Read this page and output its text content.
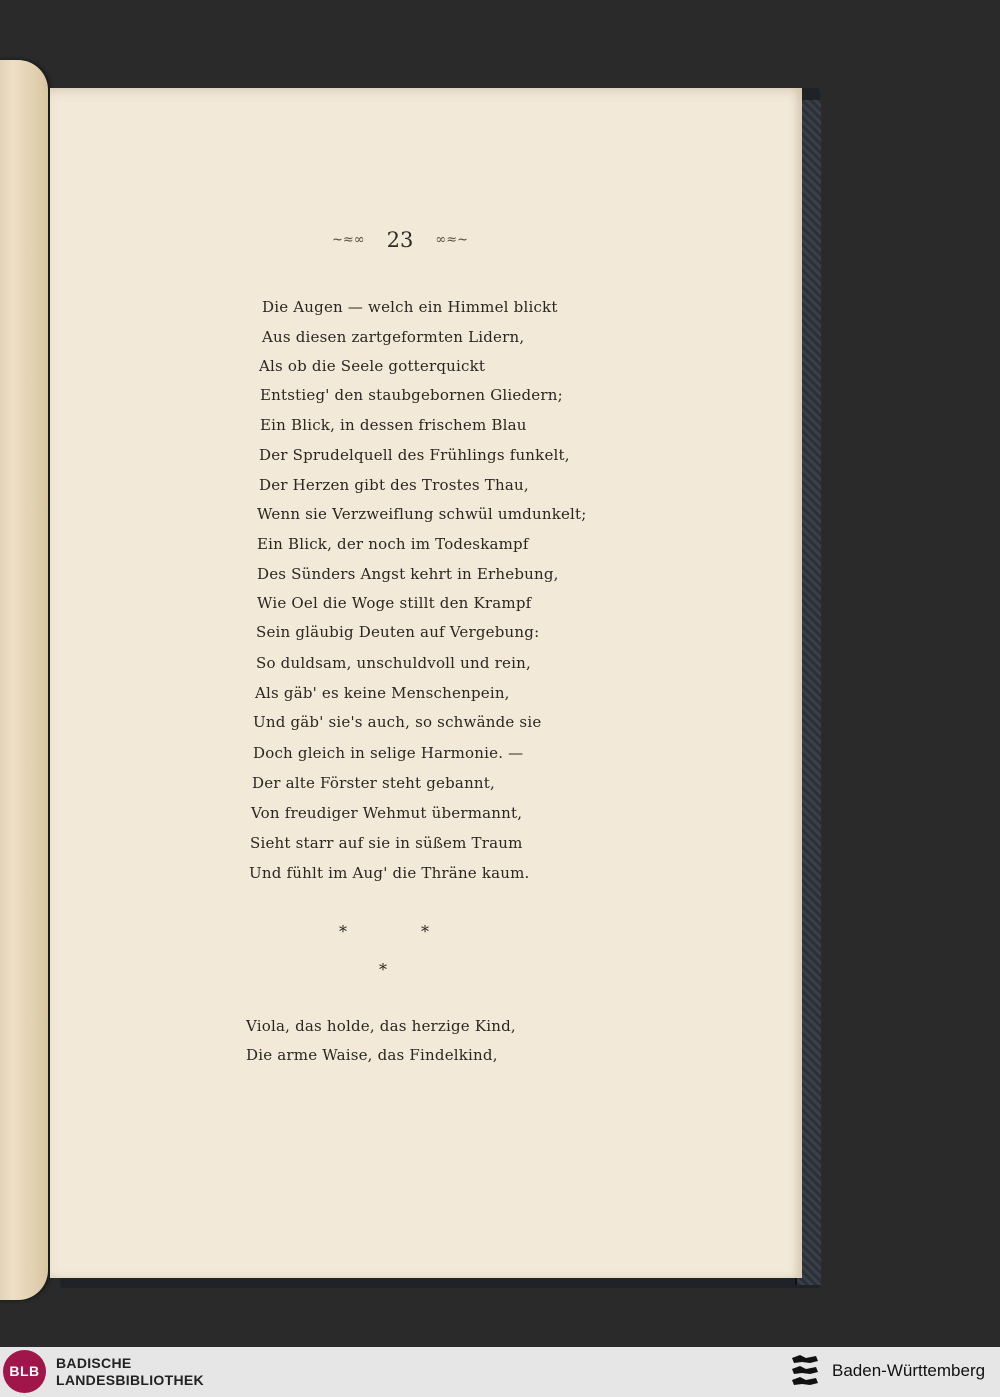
~≈∞ 23 ∞≈~
Die Augen — welch ein Himmel blickt
Aus diesen zartgeformten Lidern,
Als ob die Seele gotterquickt
Entstieg' den staubgebornen Gliedern;
Ein Blick, in dessen frischem Blau
Der Sprudelquell des Frühlings funkelt,
Der Herzen gibt des Trostes Thau,
Wenn sie Verzweiflung schwül umdunkelt;
Ein Blick, der noch im Todeskampf
Des Sünders Angst kehrt in Erhebung,
Wie Oel die Woge stillt den Krampf
Sein gläubig Deuten auf Vergebung:
So duldsam, unschuldvoll und rein,
Als gäb' es keine Menschenpein,
Und gäb' sie's auch, so schwände sie
Doch gleich in selige Harmonie. —
Der alte Förster steht gebannt,
Von freudiger Wehmut übermannt,
Sieht starr auf sie in süßem Traum
Und fühlt im Aug' die Thräne kaum.
*	*
*
Viola, das holde, das herzige Kind,
Die arme Waise, das Findelkind,
BLB	BADISCHE
LANDESBIBLIOTHEK	Baden-Württemberg
